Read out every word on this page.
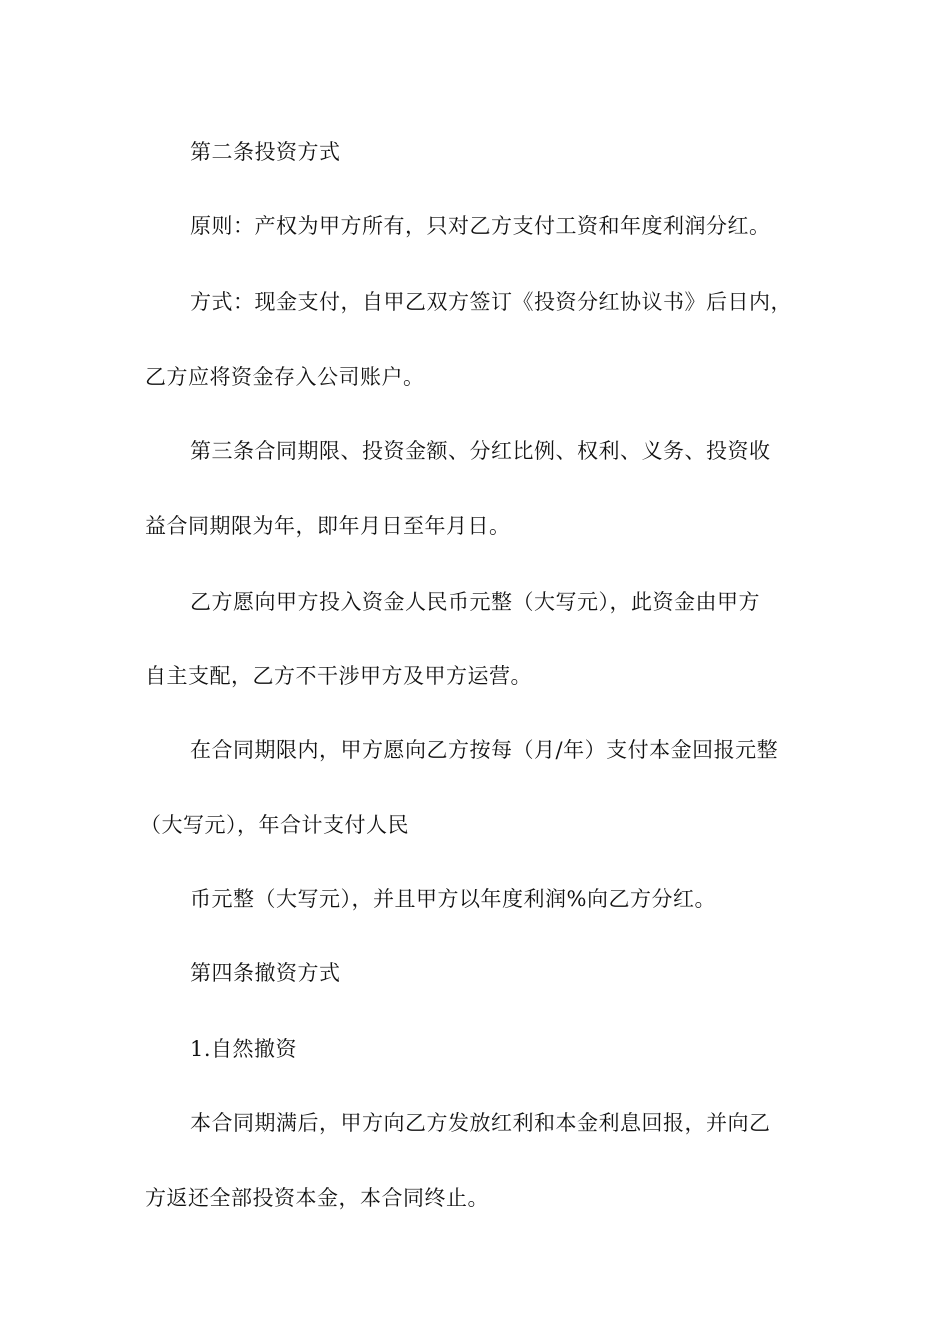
第二条投资方式
原则：产权为甲方所有，只对乙方支付工资和年度利润分红。
方式：现金支付，自甲乙双方签订《投资分红协议书》后日内，
乙方应将资金存入公司账户。
第三条合同期限、投资金额、分红比例、权利、义务、投资收
益合同期限为年，即年月日至年月日。
乙方愿向甲方投入资金人民币元整（大写元），此资金由甲方
自主支配，乙方不干涉甲方及甲方运营。
在合同期限内，甲方愿向乙方按每（月/年）支付本金回报元整
（大写元），年合计支付人民
币元整（大写元），并且甲方以年度利润%向乙方分红。
第四条撤资方式
1.自然撤资
本合同期满后，甲方向乙方发放红利和本金利息回报，并向乙
方返还全部投资本金，本合同终止。
